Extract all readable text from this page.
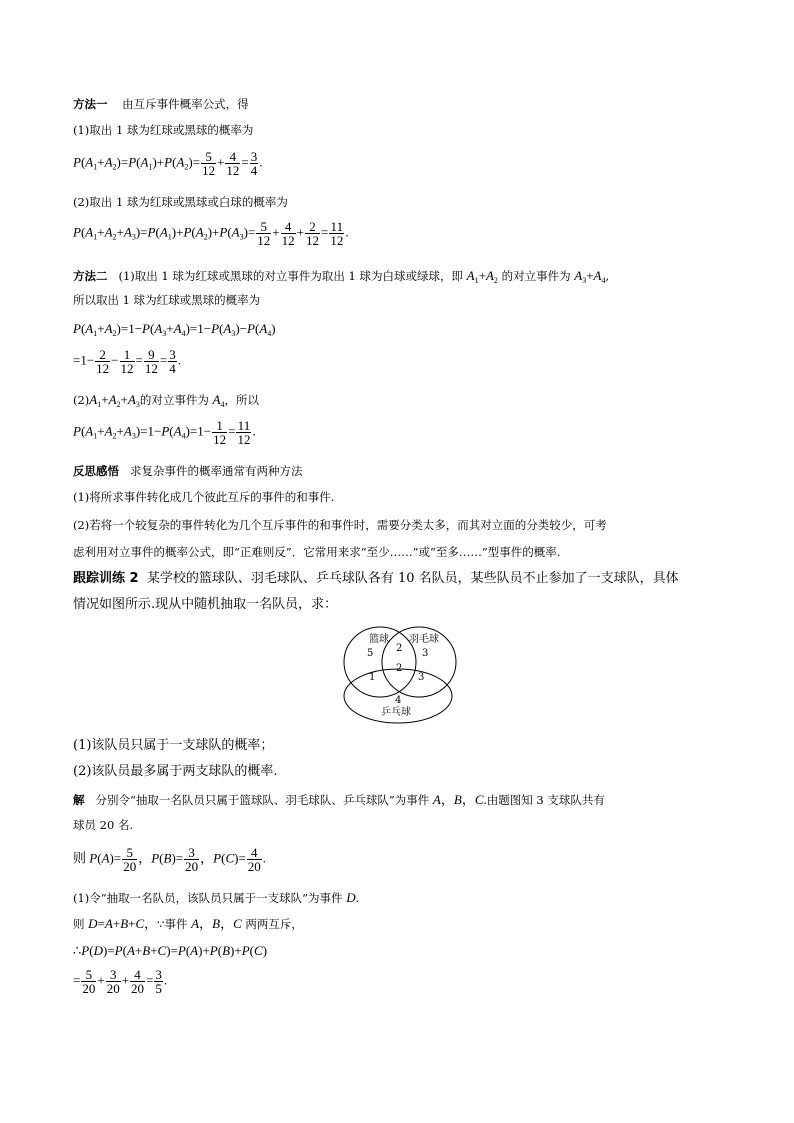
方法一 由互斥事件概率公式，得
(1)取出 1 球为红球或黑球的概率为
$P(A_1+A_2)=P(A_1)+P(A_2)= \frac{5}{12} + \frac{4}{12} = \frac{3}{4}$ .
(2)取出 1 球为红球或黑球或白球的概率为
$P(A_1+A_2+A_3)=P(A_1)+P(A_2)+P(A_3)= \frac{5}{12} + \frac{4}{12} + \frac{2}{12} = \frac{11}{12}$ .
方法二 (1)取出 1 球为红球或黑球的对立事件为取出 1 球为白球或绿球，即 $A_1+A_2$ 的对立事件为 $A_3+A_4$,
所以取出 1 球为红球或黑球的概率为
$P(A_1+A_2)=1-P(A_3+A_4)=1-P(A_3)-P(A_4)$
$=1- \frac{2}{12} - \frac{1}{12} = \frac{9}{12} = \frac{3}{4}$ .
$(2)A_1+A_2+A_3$的对立事件为 $A_4$，所以
$P(A_1+A_2+A_3)=1-P(A_4)=1- \frac{1}{12} = \frac{11}{12}$ .
反思感悟 求复杂事件的概率通常有两种方法
(1)将所求事件转化成几个彼此互斥的事件的和事件.
(2)若将一个较复杂的事件转化为几个互斥事件的和事件时，需要分类太多，而其对立面的分类较少，可考
虑利用对立事件的概率公式，即“正难则反”．它常用来求“至少……”或“至多……”型事件的概率.
跟踪训练 2 某学校的篮球队、羽毛球队、乒乓球队各有 10 名队员，某些队员不止参加了一支球队，具体
情况如图所示.现从中随机抽取一名队员，求：
篮球 羽毛球
乒乓球
5	3
2
2
1	3
4
(1)该队员只属于一支球队的概率；
(2)该队员最多属于两支球队的概率.
解 分别令“抽取一名队员只属于篮球队、羽毛球队、乒乓球队”为事件 A，B，C.由题图知 3 支球队共有
球员 20 名.
则 $P(A)= \frac{5}{20}$ ，$P(B)= \frac{3}{20}$ ，$P(C)= \frac{4}{20}$ .
(1)令“抽取一名队员，该队员只属于一支球队”为事件 D.
则 D=A+B+C，∵事件 A，B，C 两两互斥，
∴P(D)=P(A+B+C)=P(A)+P(B)+P(C)
= $\frac{5}{20} + \frac{3}{20} + \frac{4}{20} = \frac{3}{5}$ .
